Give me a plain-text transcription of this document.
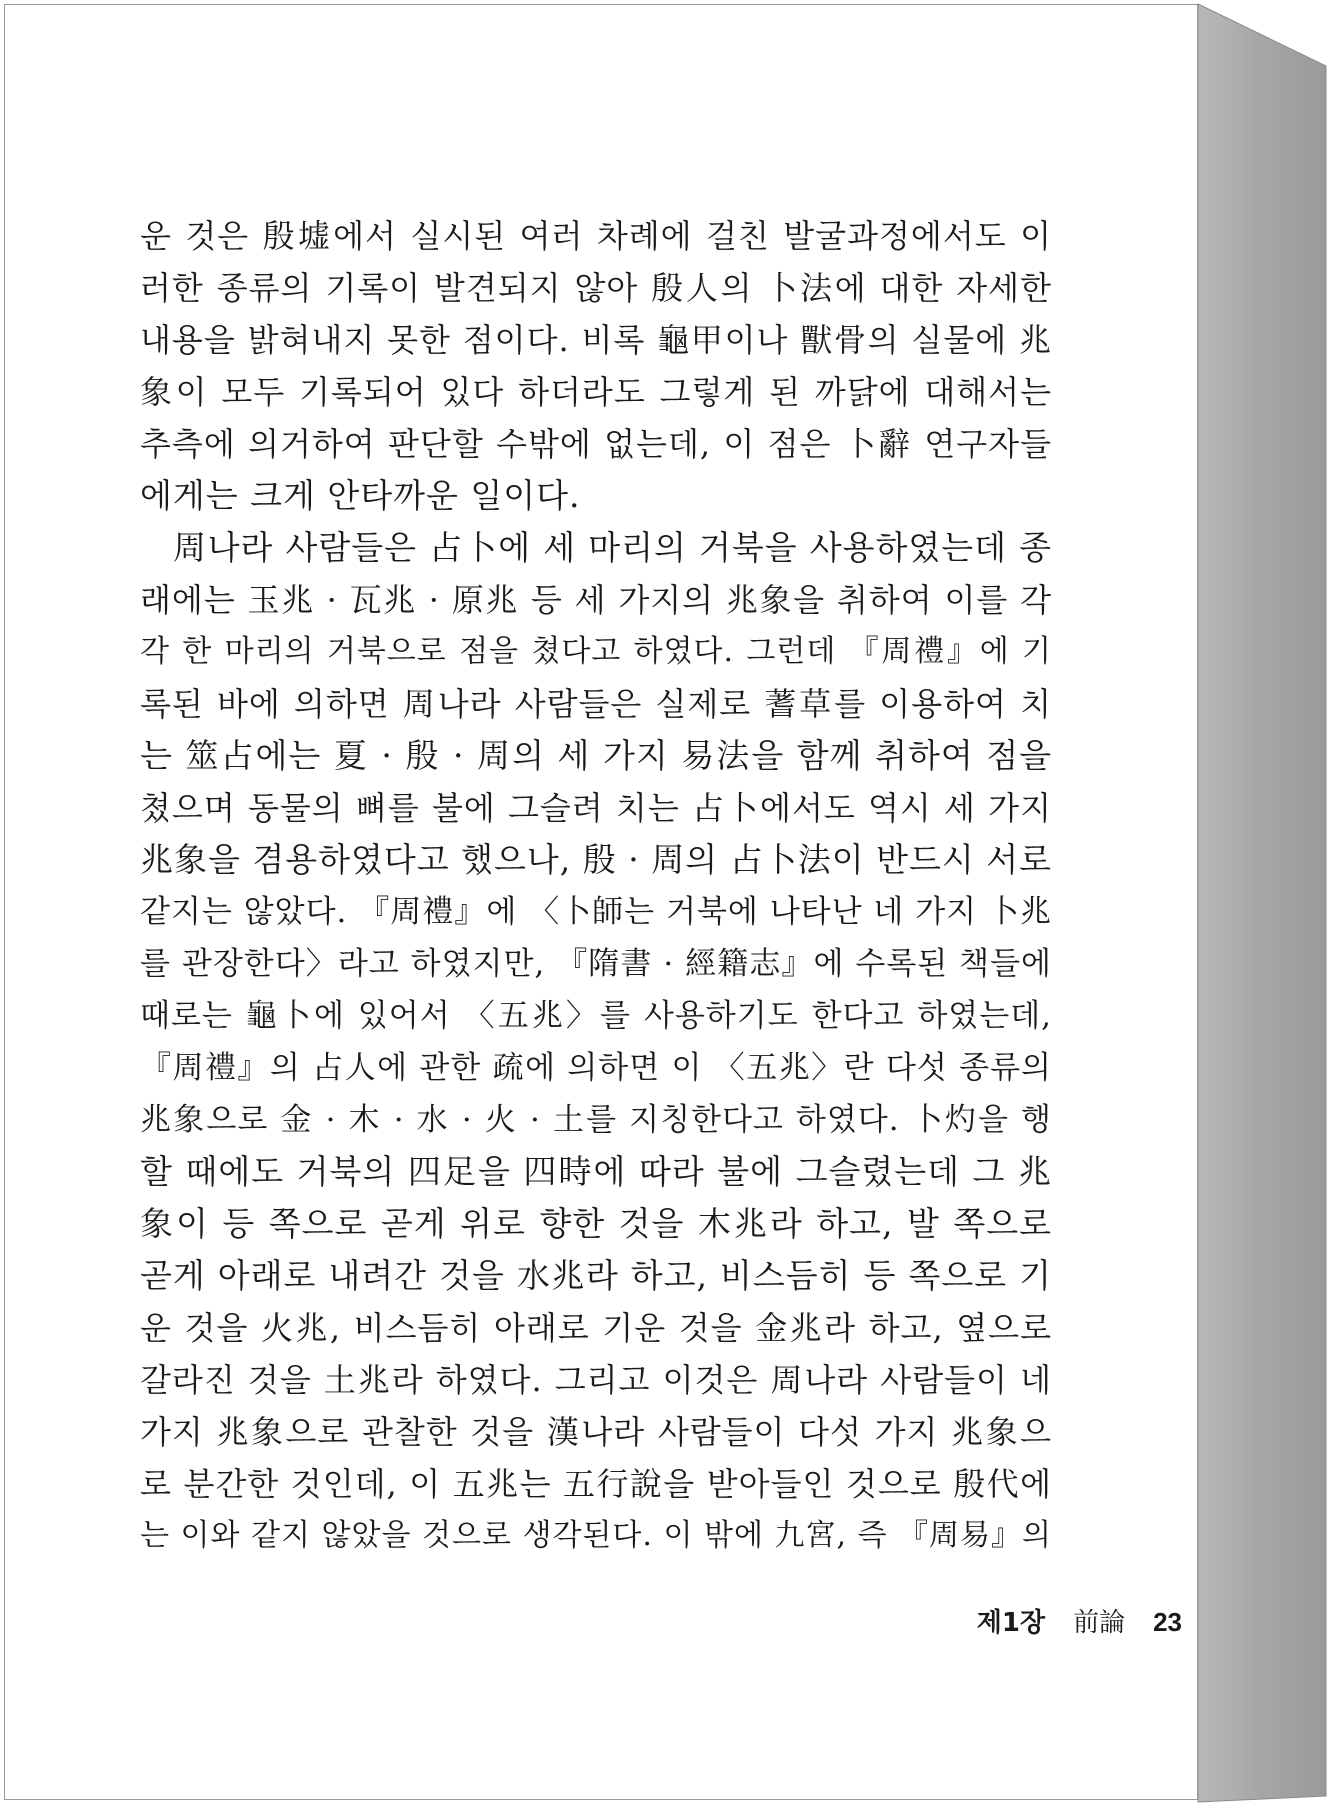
운 것은 殷墟에서 실시된 여러 차례에 걸친 발굴과정에서도 이
러한 종류의 기록이 발견되지 않아 殷人의 卜法에 대한 자세한
내용을 밝혀내지 못한 점이다. 비록 龜甲이나 獸骨의 실물에 兆
象이 모두 기록되어 있다 하더라도 그렇게 된 까닭에 대해서는
추측에 의거하여 판단할 수밖에 없는데, 이 점은 卜辭 연구자들
에게는 크게 안타까운 일이다.
周나라 사람들은 占卜에 세 마리의 거북을 사용하였는데 종
래에는 玉兆 · 瓦兆 · 原兆 등 세 가지의 兆象을 취하여 이를 각
각 한 마리의 거북으로 점을 쳤다고 하였다. 그런데 『周禮』에 기
록된 바에 의하면 周나라 사람들은 실제로 蓍草를 이용하여 치
는 筮占에는 夏 · 殷 · 周의 세 가지 易法을 함께 취하여 점을
쳤으며 동물의 뼈를 불에 그슬려 치는 占卜에서도 역시 세 가지
兆象을 겸용하였다고 했으나, 殷 · 周의 占卜法이 반드시 서로
같지는 않았다. 『周禮』에 〈卜師는 거북에 나타난 네 가지 卜兆
를 관장한다〉라고 하였지만, 『隋書 · 經籍志』에 수록된 책들에
때로는 龜卜에 있어서 〈五兆〉를 사용하기도 한다고 하였는데,
『周禮』의 占人에 관한 疏에 의하면 이 〈五兆〉란 다섯 종류의
兆象으로 金 · 木 · 水 · 火 · 土를 지칭한다고 하였다. 卜灼을 행
할 때에도 거북의 四足을 四時에 따라 불에 그슬렸는데 그 兆
象이 등 쪽으로 곧게 위로 향한 것을 木兆라 하고, 발 쪽으로
곧게 아래로 내려간 것을 水兆라 하고, 비스듬히 등 쪽으로 기
운 것을 火兆, 비스듬히 아래로 기운 것을 金兆라 하고, 옆으로
갈라진 것을 土兆라 하였다. 그리고 이것은 周나라 사람들이 네
가지 兆象으로 관찰한 것을 漢나라 사람들이 다섯 가지 兆象으
로 분간한 것인데, 이 五兆는 五行說을 받아들인 것으로 殷代에
는 이와 같지 않았을 것으로 생각된다. 이 밖에 九宮, 즉 『周易』의
제1장 前論 23
